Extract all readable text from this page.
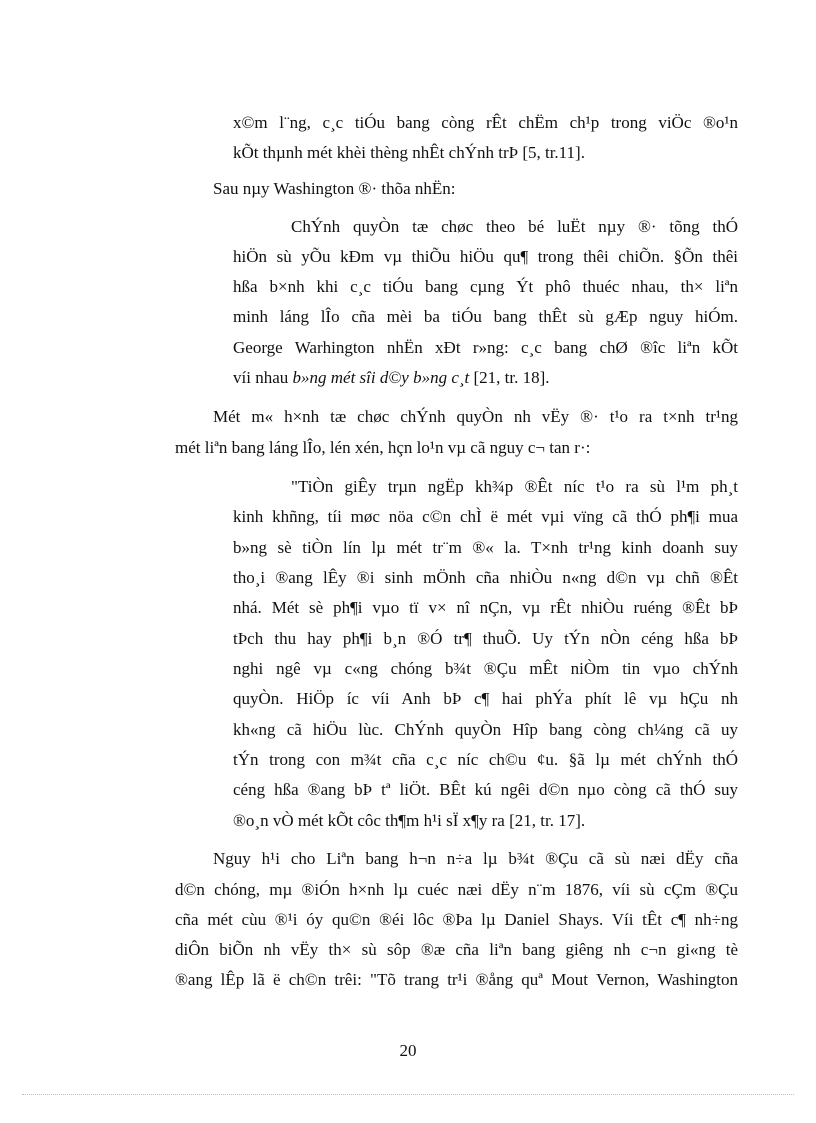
x©m l¨ng, c¸c tiÓu bang còng rÊt chËm ch¹p trong viÖc ®o¹n

kÕt thµnh mét khèi thèng nhÊt chÝnh trÞ [5, tr.11].

Sau nµy Washington ®· thõa nhËn:

ChÝnh quyÒn tæ chøc theo bé luËt nµy ®· tõng thÓ

hiÖn sù yÕu kÐm vµ thiÕu hiÖu qu¶ trong thêi chiÕn. §Õn thêi

hßa b×nh khi c¸c tiÓu bang cµng Ýt phô thuéc nhau, th× liªn

minh láng lÎo cña mèi ba tiÓu bang thÊt sù gÆp nguy hiÓm.

George Warhington nhËn xÐt r»ng: c¸c bang chØ ®îc liªn kÕt

víi nhau b»ng mét sîi d©y b»ng c¸t [21, tr. 18].

Mét m« h×nh tæ chøc chÝnh quyÒn nh vËy ®· t¹o ra t×nh tr¹ng

mét liªn bang láng lÎo, lén xén, hçn lo¹n vµ cã nguy c¬ tan r·:

"TiÒn giÊy trµn ngËp kh¾p ®Êt níc t¹o ra sù l¹m ph¸t

kinh khñng, tíi møc nöa c©n chÌ ë mét vµi vïng cã thÓ ph¶i mua

b»ng sè tiÒn lín lµ mét tr¨m ®« la. T×nh tr¹ng kinh doanh suy

tho¸i ®ang lÊy ®i sinh mÖnh cña nhiÒu n«ng d©n vµ chñ ®Êt

nhá. Mét sè ph¶i vµo tï v× nî nÇn, vµ rÊt nhiÒu ruéng ®Êt bÞ

tÞch thu hay ph¶i b¸n ®Ó tr¶ thuÕ. Uy tÝn nÒn céng hßa bÞ

nghi ngê vµ c«ng chóng b¾t ®Çu mÊt niÒm tin vµo chÝnh

quyÒn. HiÖp íc víi Anh bÞ c¶ hai phÝa phít lê vµ hÇu nh

kh«ng cã hiÖu lùc. ChÝnh quyÒn Hîp bang còng ch¼ng cã uy

tÝn trong con m¾t cña c¸c níc ch©u ¢u. §ã lµ mét chÝnh thÓ

céng hßa ®ang bÞ tª liÖt. BÊt kú ngêi d©n nµo còng cã thÓ suy

®o¸n vÒ mét kÕt côc th¶m h¹i sÏ x¶y ra [21, tr. 17].

Nguy h¹i cho Liªn bang h¬n n÷a lµ b¾t ®Çu cã sù næi dËy cña

d©n chóng, mµ ®iÓn h×nh lµ cuéc næi dËy n¨m 1876, víi sù cÇm ®Çu

cña mét cùu ®¹i óy qu©n ®éi lôc ®Þa lµ Daniel Shays. Víi tÊt c¶ nh÷ng

diÔn biÕn nh vËy th× sù sôp ®æ cña liªn bang giêng nh c¬n gi«ng tè

®ang lÊp lã ë ch©n trêi: "Tõ trang tr¹i ®ång quª Mout Vernon, Washington

20
